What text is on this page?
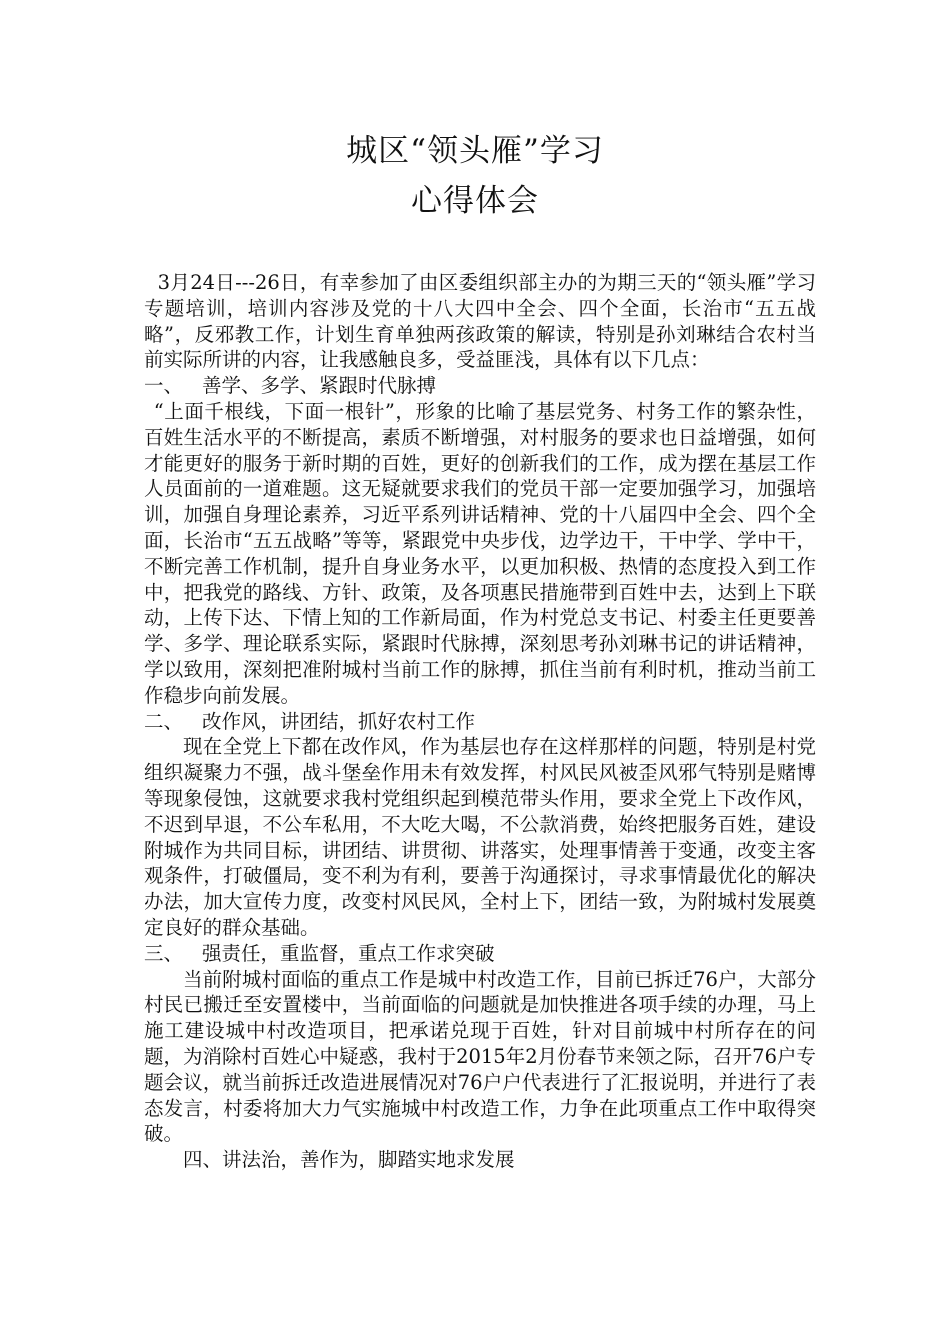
城区“领头雁”学习
心得体会

3月24日---26日，有幸参加了由区委组织部主办的为期三天的“领头雁”学习专题培训，培训内容涉及党的十八大四中全会、四个全面，长治市“五五战略”，反邪教工作，计划生育单独两孩政策的解读，特别是孙刘琳结合农村当前实际所讲的内容，让我感触良多，受益匪浅，具体有以下几点：

一、 善学、多学、紧跟时代脉搏

“上面千根线，下面一根针”，形象的比喻了基层党务、村务工作的繁杂性，百姓生活水平的不断提高，素质不断增强，对村服务的要求也日益增强，如何才能更好的服务于新时期的百姓，更好的创新我们的工作，成为摆在基层工作人员面前的一道难题。这无疑就要求我们的党员干部一定要加强学习，加强培训，加强自身理论素养，习近平系列讲话精神、党的十八届四中全会、四个全面，长治市“五五战略”等等，紧跟党中央步伐，边学边干，干中学、学中干，不断完善工作机制，提升自身业务水平，以更加积极、热情的态度投入到工作中，把我党的路线、方针、政策，及各项惠民措施带到百姓中去，达到上下联动，上传下达、下情上知的工作新局面，作为村党总支书记、村委主任更要善学、多学、理论联系实际，紧跟时代脉搏，深刻思考孙刘琳书记的讲话精神，学以致用，深刻把准附城村当前工作的脉搏，抓住当前有利时机，推动当前工作稳步向前发展。

二、 改作风，讲团结，抓好农村工作

现在全党上下都在改作风，作为基层也存在这样那样的问题，特别是村党组织凝聚力不强，战斗堡垒作用未有效发挥，村风民风被歪风邪气特别是赌博等现象侵蚀，这就要求我村党组织起到模范带头作用，要求全党上下改作风，不迟到早退，不公车私用，不大吃大喝，不公款消费，始终把服务百姓，建设附城作为共同目标，讲团结、讲贯彻、讲落实，处理事情善于变通，改变主客观条件，打破僵局，变不利为有利，要善于沟通探讨，寻求事情最优化的解决办法，加大宣传力度，改变村风民风，全村上下，团结一致，为附城村发展奠定良好的群众基础。

三、 强责任，重监督，重点工作求突破

当前附城村面临的重点工作是城中村改造工作，目前已拆迁76户，大部分村民已搬迁至安置楼中，当前面临的问题就是加快推进各项手续的办理，马上施工建设城中村改造项目，把承诺兑现于百姓，针对目前城中村所存在的问题，为消除村百姓心中疑惑，我村于2015年2月份春节来领之际，召开76户专题会议，就当前拆迁改造进展情况对76户户代表进行了汇报说明，并进行了表态发言，村委将加大力气实施城中村改造工作，力争在此项重点工作中取得突破。

四、讲法治，善作为，脚踏实地求发展
